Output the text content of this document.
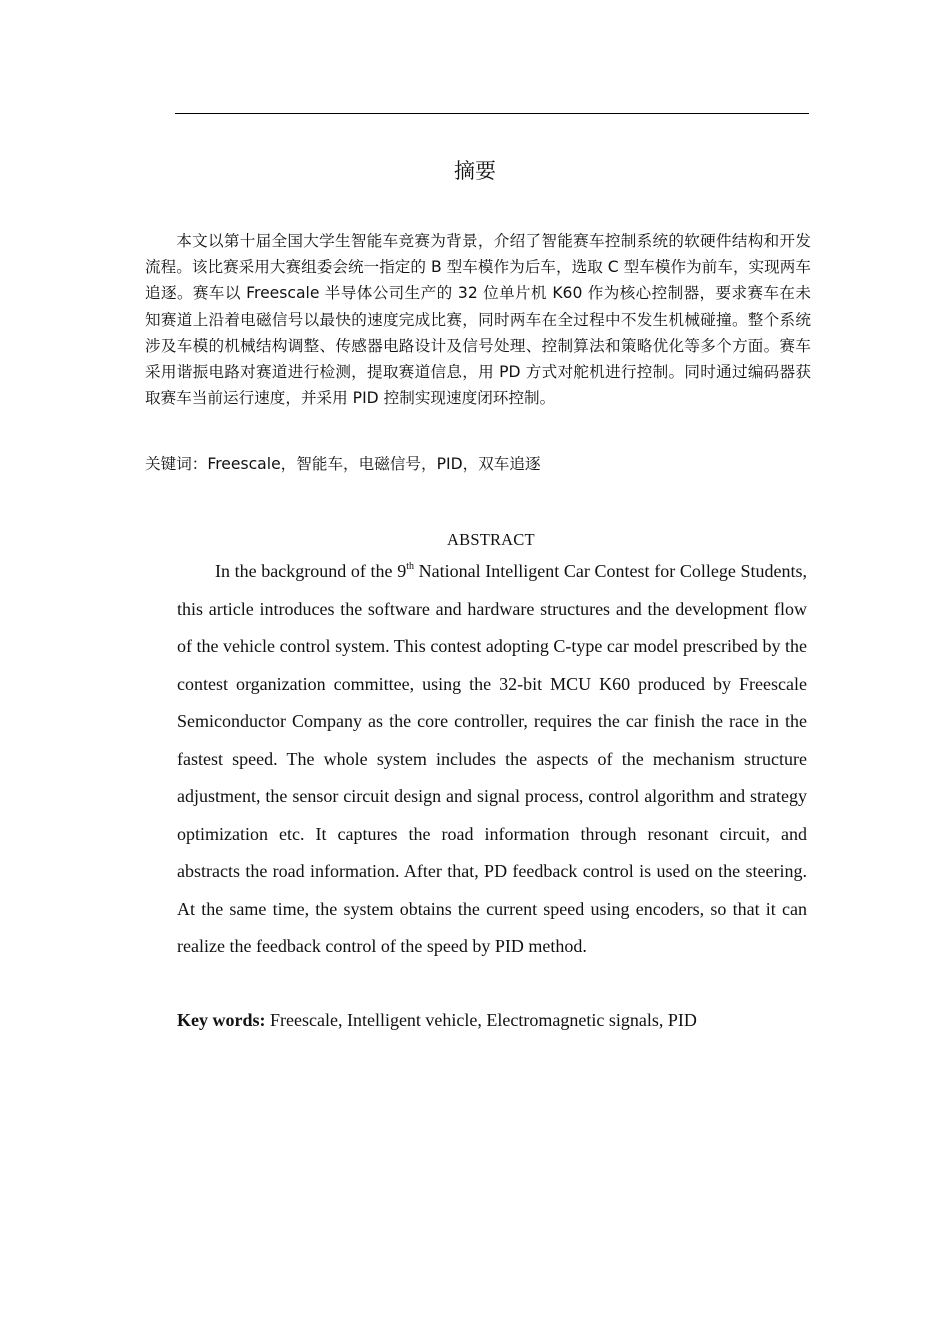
摘要

本文以第十届全国大学生智能车竞赛为背景，介绍了智能赛车控制系统的软硬件结构和开发流程。该比赛采用大赛组委会统一指定的 B 型车模作为后车，选取 C 型车模作为前车，实现两车追逐。赛车以 Freescale 半导体公司生产的 32 位单片机 K60 作为核心控制器，要求赛车在未知赛道上沿着电磁信号以最快的速度完成比赛，同时两车在全过程中不发生机械碰撞。整个系统涉及车模的机械结构调整、传感器电路设计及信号处理、控制算法和策略优化等多个方面。赛车采用谐振电路对赛道进行检测，提取赛道信息，用 PD 方式对舵机进行控制。同时通过编码器获取赛车当前运行速度，并采用 PID 控制实现速度闭环控制。

关键词：Freescale，智能车，电磁信号，PID，双车追逐
ABSTRACT

In the background of the 9th National Intelligent Car Contest for College Students, this article introduces the software and hardware structures and the development flow of the vehicle control system. This contest adopting C-type car model prescribed by the contest organization committee, using the 32-bit MCU K60 produced by Freescale Semiconductor Company as the core controller, requires the car finish the race in the fastest speed. The whole system includes the aspects of the mechanism structure adjustment, the sensor circuit design and signal process, control algorithm and strategy optimization etc. It captures the road information through resonant circuit, and abstracts the road information. After that, PD feedback control is used on the steering. At the same time, the system obtains the current speed using encoders, so that it can realize the feedback control of the speed by PID method.

Key words: Freescale, Intelligent vehicle, Electromagnetic signals, PID
